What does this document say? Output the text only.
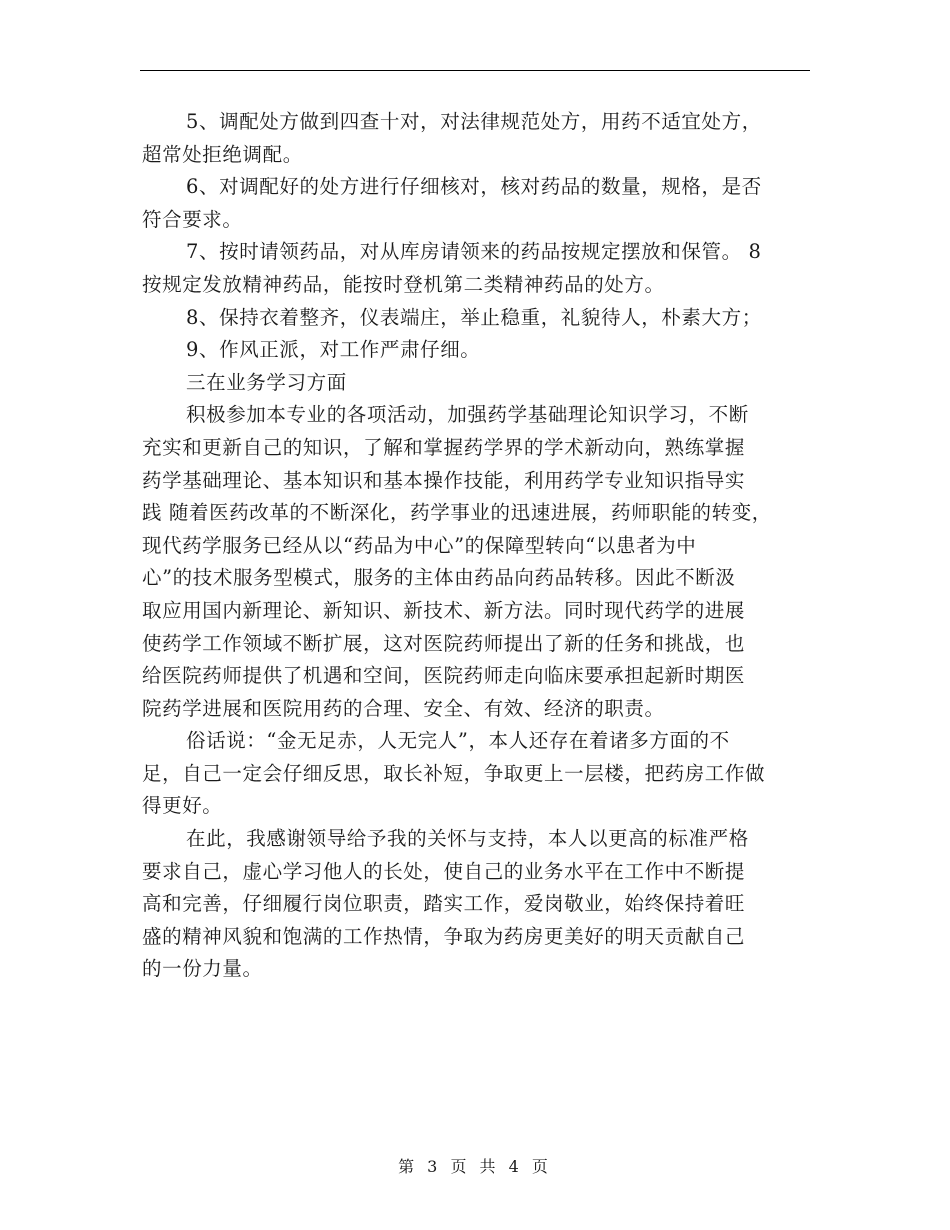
5、调配处方做到四查十对，对法律规范处方，用药不适宜处方，
超常处拒绝调配。
6、对调配好的处方进行仔细核对，核对药品的数量，规格，是否
符合要求。
7、按时请领药品，对从库房请领来的药品按规定摆放和保管。 8
按规定发放精神药品，能按时登机第二类精神药品的处方。
8、保持衣着整齐，仪表端庄，举止稳重，礼貌待人，朴素大方；
9、作风正派，对工作严肃仔细。
三在业务学习方面
积极参加本专业的各项活动，加强药学基础理论知识学习，不断
充实和更新自己的知识，了解和掌握药学界的学术新动向，熟练掌握
药学基础理论、基本知识和基本操作技能，利用药学专业知识指导实
践 随着医药改革的不断深化，药学事业的迅速进展，药师职能的转变，
现代药学服务已经从以“药品为中心”的保障型转向“以患者为中
心”的技术服务型模式，服务的主体由药品向药品转移。因此不断汲
取应用国内新理论、新知识、新技术、新方法。同时现代药学的进展
使药学工作领域不断扩展，这对医院药师提出了新的任务和挑战，也
给医院药师提供了机遇和空间，医院药师走向临床要承担起新时期医
院药学进展和医院用药的合理、安全、有效、经济的职责。
俗话说：“金无足赤，人无完人”，本人还存在着诸多方面的不
足，自己一定会仔细反思，取长补短，争取更上一层楼，把药房工作做
得更好。
在此，我感谢领导给予我的关怀与支持，本人以更高的标准严格
要求自己，虚心学习他人的长处，使自己的业务水平在工作中不断提
高和完善，仔细履行岗位职责，踏实工作，爱岗敬业，始终保持着旺
盛的精神风貌和饱满的工作热情，争取为药房更美好的明天贡献自己
的一份力量。
第 3 页 共 4 页
